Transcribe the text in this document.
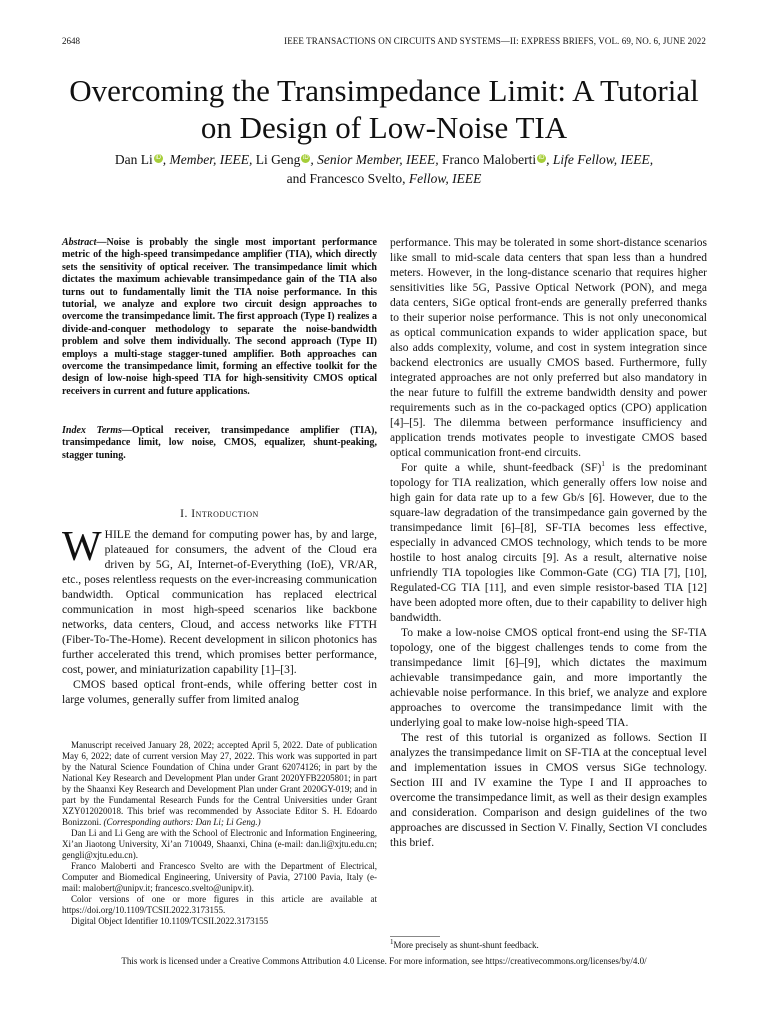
2648	IEEE TRANSACTIONS ON CIRCUITS AND SYSTEMS—II: EXPRESS BRIEFS, VOL. 69, NO. 6, JUNE 2022
Overcoming the Transimpedance Limit: A Tutorial
on Design of Low-Noise TIA
Dan Li iD , Member, IEEE, Li Geng iD , Senior Member, IEEE, Franco Maloberti iD , Life Fellow, IEEE,
and Francesco Svelto, Fellow, IEEE
Abstract—Noise is probably the single most important performance metric of the high-speed transimpedance amplifier (TIA), which directly sets the sensitivity of optical receiver. The transimpedance limit which dictates the maximum achievable transimpedance gain of the TIA also turns out to fundamentally limit the TIA noise performance. In this tutorial, we analyze and explore two circuit design approaches to overcome the transimpedance limit. The first approach (Type I) realizes a divide-and-conquer methodology to separate the noise-bandwidth problem and solve them individually. The second approach (Type II) employs a multi-stage stagger-tuned amplifier. Both approaches can overcome the transimpedance limit, forming an effective toolkit for the design of low-noise high-speed TIA for high-sensitivity CMOS optical receivers in current and future applications.
Index Terms—Optical receiver, transimpedance amplifier (TIA), transimpedance limit, low noise, CMOS, equalizer, shunt-peaking, stagger tuning.
I. Introduction

WHILE the demand for computing power has, by and large, plateaued for consumers, the advent of the Cloud era driven by 5G, AI, Internet-of-Everything (IoE), VR/AR, etc., poses relentless requests on the ever-increasing communication bandwidth. Optical communication has replaced electrical communication in most high-speed scenarios like backbone networks, data centers, Cloud, and access networks like FTTH (Fiber-To-The-Home). Recent development in silicon photonics has further accelerated this trend, which promises better performance, cost, power, and miniaturization capability [1]–[3].

CMOS based optical front-ends, while offering better cost in large volumes, generally suffer from limited analog

performance. This may be tolerated in some short-distance scenarios like small to mid-scale data centers that span less than a hundred meters. However, in the long-distance scenario that requires higher sensitivities like 5G, Passive Optical Network (PON), and mega data centers, SiGe optical front-ends are generally preferred thanks to their superior noise performance. This is not only uneconomical as optical communication expands to wider application space, but also adds complexity, volume, and cost in system integration since backend electronics are usually CMOS based. Furthermore, fully integrated approaches are not only preferred but also mandatory in the near future to fulfill the extreme bandwidth density and power requirements such as in the co-packaged optics (CPO) application [4]–[5]. The dilemma between performance insufficiency and application trends motivates people to investigate CMOS based optical communication front-end circuits.

For quite a while, shunt-feedback (SF)$^1$ is the predominant topology for TIA realization, which generally offers low noise and high gain for data rate up to a few Gb/s [6]. However, due to the square-law degradation of the transimpedance gain governed by the transimpedance limit [6]–[8], SF-TIA becomes less effective, especially in advanced CMOS technology, which tends to be more hostile to host analog circuits [9]. As a result, alternative noise unfriendly TIA topologies like Common-Gate (CG) TIA [7], [10], Regulated-CG TIA [11], and even simple resistor-based TIA [12] have been adopted more often, due to their capability to deliver high bandwidth.

To make a low-noise CMOS optical front-end using the SF-TIA topology, one of the biggest challenges tends to come from the transimpedance limit [6]–[9], which dictates the maximum achievable transimpedance gain, and more importantly the achievable noise performance. In this brief, we analyze and explore approaches to overcome the transimpedance limit with the underlying goal to make low-noise high-speed TIA.

The rest of this tutorial is organized as follows. Section II analyzes the transimpedance limit on SF-TIA at the conceptual level and implementation issues in CMOS versus SiGe technology. Section III and IV examine the Type I and II approaches to overcome the transimpedance limit, as well as their design examples and consideration. Comparison and design guidelines of the two approaches are discussed in Section V. Finally, Section VI concludes this brief.

Manuscript received January 28, 2022; accepted April 5, 2022. Date of publication May 6, 2022; date of current version May 27, 2022. This work was supported in part by the Natural Science Foundation of China under Grant 62074126; in part by the National Key Research and Development Plan under Grant 2020YFB2205801; in part by the Shaanxi Key Research and Development Plan under Grant 2020GY-019; and in part by the Fundamental Research Funds for the Central Universities under Grant XZY012020018. This brief was recommended by Associate Editor S. H. Edoardo Bonizzoni. (Corresponding authors: Dan Li; Li Geng.)

Dan Li and Li Geng are with the School of Electronic and Information Engineering, Xi’an Jiaotong University, Xi’an 710049, Shaanxi, China (e-mail: dan.li@xjtu.edu.cn; gengli@xjtu.edu.cn).

Franco Maloberti and Francesco Svelto are with the Department of Electrical, Computer and Biomedical Engineering, University of Pavia, 27100 Pavia, Italy (e-mail: malobert@unipv.it; francesco.svelto@unipv.it).

Color versions of one or more figures in this article are available at https://doi.org/10.1109/TCSII.2022.3173155.

Digital Object Identifier 10.1109/TCSII.2022.3173155

$^1$More precisely as shunt-shunt feedback.
This work is licensed under a Creative Commons Attribution 4.0 License. For more information, see https://creativecommons.org/licenses/by/4.0/
